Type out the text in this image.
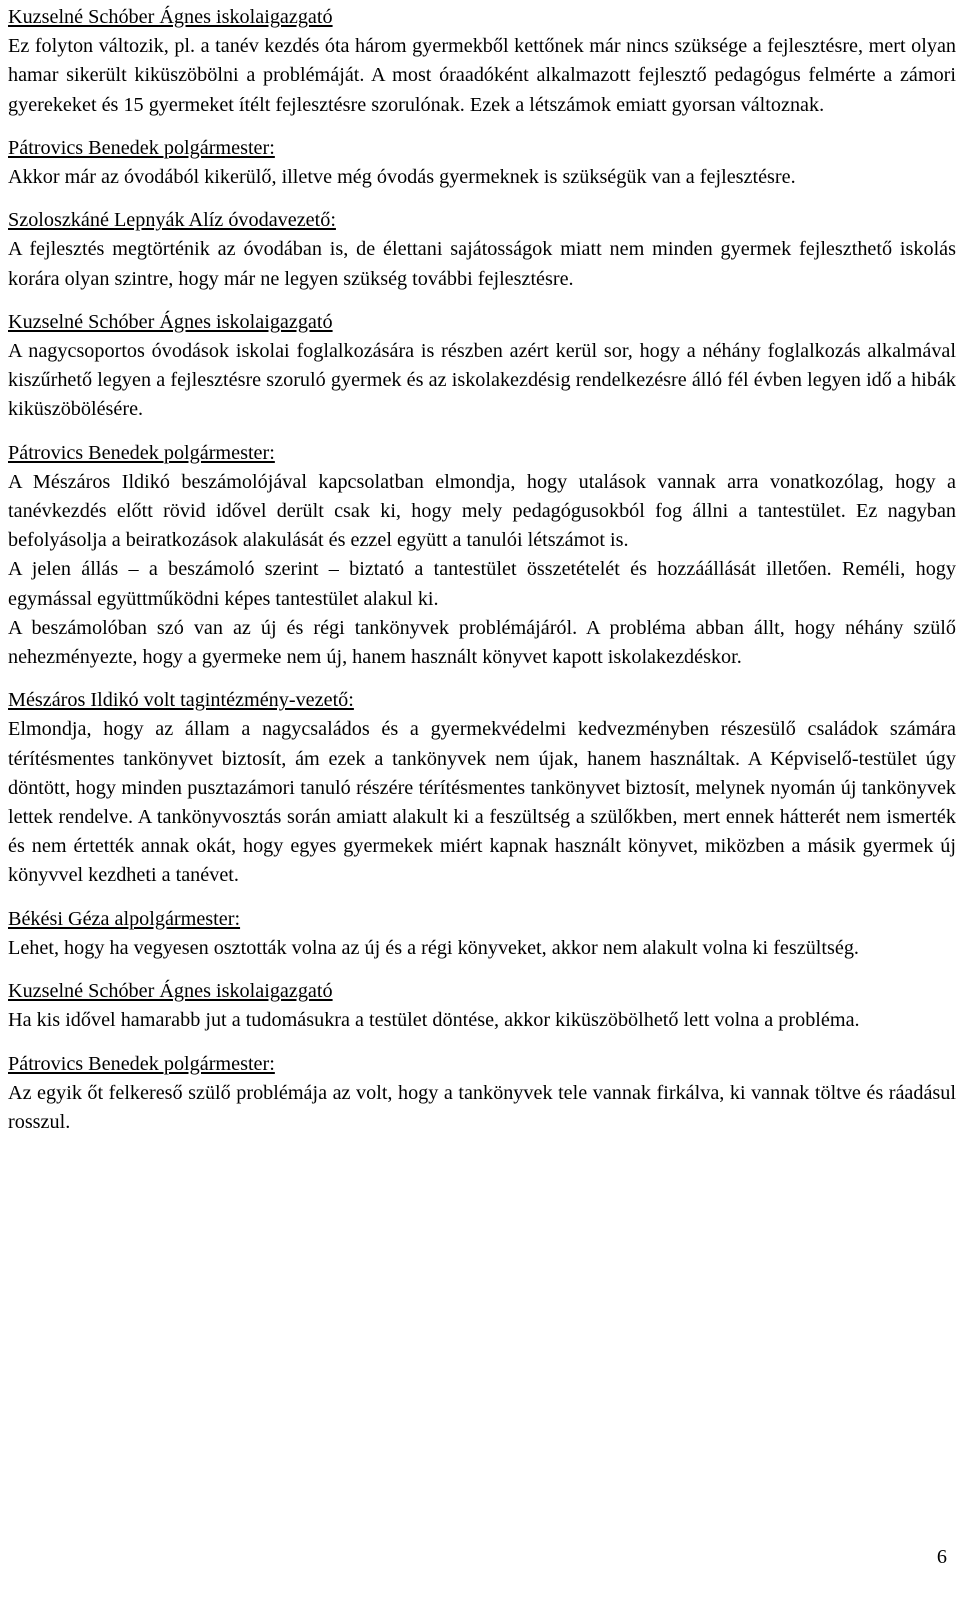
Kuzselné Schóber Ágnes iskolaigazgató

Ez folyton változik, pl. a tanév kezdés óta három gyermekből kettőnek már nincs szüksége a fejlesztésre, mert olyan hamar sikerült kiküszöbölni a problémáját. A most óraadóként alkalmazott fejlesztő pedagógus felmérte a zámori gyerekeket és 15 gyermeket ítélt fejlesztésre szorulónak. Ezek a létszámok emiatt gyorsan változnak.

Pátrovics Benedek polgármester:

Akkor már az óvodából kikerülő, illetve még óvodás gyermeknek is szükségük van a fejlesztésre.

Szoloszkáné Lepnyák Alíz óvodavezető:

A fejlesztés megtörténik az óvodában is, de élettani sajátosságok miatt nem minden gyermek fejleszthető iskolás korára olyan szintre, hogy már ne legyen szükség további fejlesztésre.

Kuzselné Schóber Ágnes iskolaigazgató

A nagycsoportos óvodások iskolai foglalkozására is részben azért kerül sor, hogy a néhány foglalkozás alkalmával kiszűrhető legyen a fejlesztésre szoruló gyermek és az iskolakezdésig rendelkezésre álló fél évben legyen idő a hibák kiküszöbölésére.

Pátrovics Benedek polgármester:

A Mészáros Ildikó beszámolójával kapcsolatban elmondja, hogy utalások vannak arra vonatkozólag, hogy a tanévkezdés előtt rövid idővel derült csak ki, hogy mely pedagógusokból fog állni a tantestület. Ez nagyban befolyásolja a beiratkozások alakulását és ezzel együtt a tanulói létszámot is.

A jelen állás – a beszámoló szerint – biztató a tantestület összetételét és hozzáállását illetően. Reméli, hogy egymással együttműködni képes tantestület alakul ki.

A beszámolóban szó van az új és régi tankönyvek problémájáról. A probléma abban állt, hogy néhány szülő nehezményezte, hogy a gyermeke nem új, hanem használt könyvet kapott iskolakezdéskor.

Mészáros Ildikó volt tagintézmény-vezető:

Elmondja, hogy az állam a nagycsaládos és a gyermekvédelmi kedvezményben részesülő családok számára térítésmentes tankönyvet biztosít, ám ezek a tankönyvek nem újak, hanem használtak. A Képviselő-testület úgy döntött, hogy minden pusztazámori tanuló részére térítésmentes tankönyvet biztosít, melynek nyomán új tankönyvek lettek rendelve. A tankönyvosztás során amiatt alakult ki a feszültség a szülőkben, mert ennek hátterét nem ismerték és nem értették annak okát, hogy egyes gyermekek miért kapnak használt könyvet, miközben a másik gyermek új könyvvel kezdheti a tanévet.

Békési Géza alpolgármester:

Lehet, hogy ha vegyesen osztották volna az új és a régi könyveket, akkor nem alakult volna ki feszültség.

Kuzselné Schóber Ágnes iskolaigazgató

Ha kis idővel hamarabb jut a tudomásukra a testület döntése, akkor kiküszöbölhető lett volna a probléma.

Pátrovics Benedek polgármester:

Az egyik őt felkereső szülő problémája az volt, hogy a tankönyvek tele vannak firkálva, ki vannak töltve és ráadásul rosszul.

6
